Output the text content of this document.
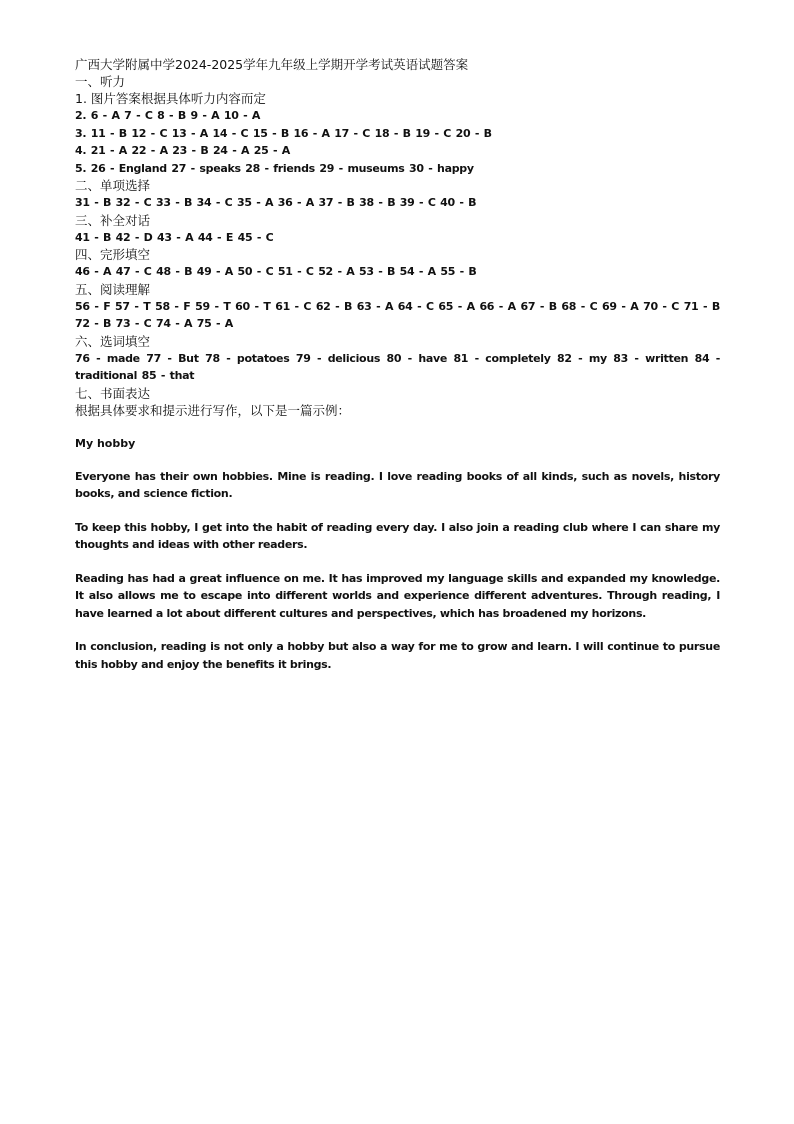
广西大学附属中学2024-2025学年九年级上学期开学考试英语试题答案
一、听力
1. 图片答案根据具体听力内容而定
2. 6 - A 7 - C 8 - B 9 - A 10 - A
3. 11 - B 12 - C 13 - A 14 - C 15 - B 16 - A 17 - C 18 - B 19 - C 20 - B
4. 21 - A 22 - A 23 - B 24 - A 25 - A
5. 26 - England 27 - speaks 28 - friends 29 - museums 30 - happy
二、单项选择
31 - B 32 - C 33 - B 34 - C 35 - A 36 - A 37 - B 38 - B 39 - C 40 - B
三、补全对话
41 - B 42 - D 43 - A 44 - E 45 - C
四、完形填空
46 - A 47 - C 48 - B 49 - A 50 - C 51 - C 52 - A 53 - B 54 - A 55 - B
五、阅读理解
56 - F 57 - T 58 - F 59 - T 60 - T 61 - C 62 - B 63 - A 64 - C 65 - A 66 - A 67 - B 68 - C 69 - A 70 - C 71 - B 72 - B 73 - C 74 - A 75 - A
六、选词填空
76 - made 77 - But 78 - potatoes 79 - delicious 80 - have 81 - completely 82 - my 83 - written 84 - traditional 85 - that
七、书面表达
根据具体要求和提示进行写作，以下是一篇示例：
My hobby
Everyone has their own hobbies. Mine is reading. I love reading books of all kinds, such as novels, history books, and science fiction.
To keep this hobby, I get into the habit of reading every day. I also join a reading club where I can share my thoughts and ideas with other readers.
Reading has had a great influence on me. It has improved my language skills and expanded my knowledge. It also allows me to escape into different worlds and experience different adventures. Through reading, I have learned a lot about different cultures and perspectives, which has broadened my horizons.
In conclusion, reading is not only a hobby but also a way for me to grow and learn. I will continue to pursue this hobby and enjoy the benefits it brings.
